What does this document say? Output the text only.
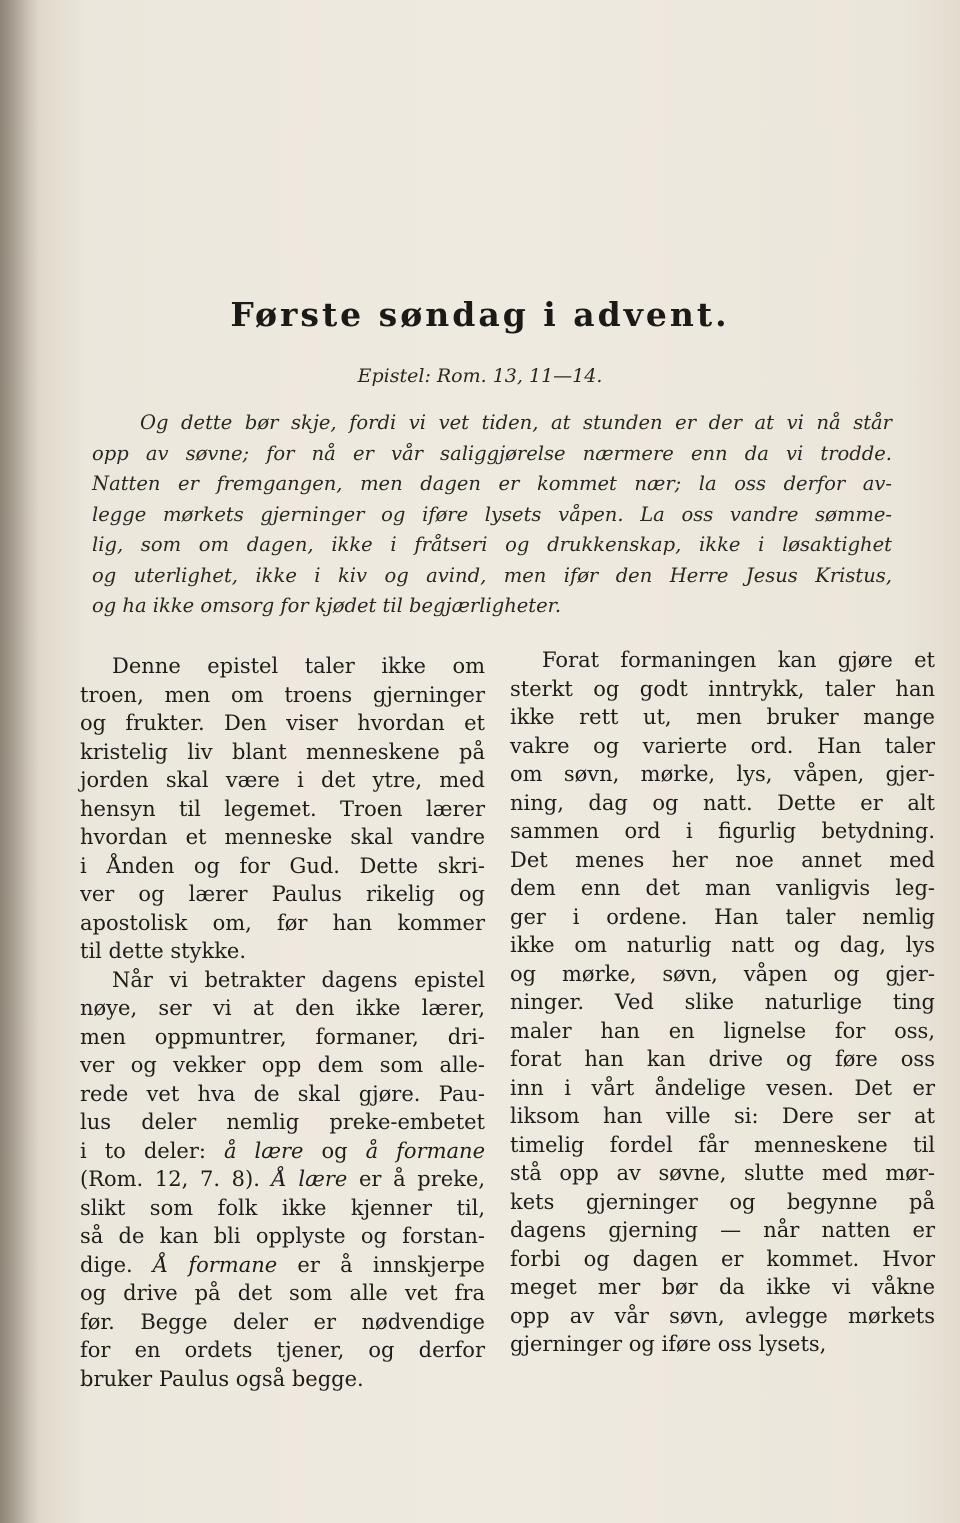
Første søndag i advent.
Epistel: Rom. 13, 11—14.
Og dette bør skje, fordi vi vet tiden, at stunden er der at vi nå står
opp av søvne; for nå er vår saliggjørelse nærmere enn da vi trodde.
Natten er fremgangen, men dagen er kommet nær; la oss derfor av-
legge mørkets gjerninger og iføre lysets våpen. La oss vandre sømme-
lig, som om dagen, ikke i fråtseri og drukkenskap, ikke i løsaktighet
og uterlighet, ikke i kiv og avind, men ifør den Herre Jesus Kristus,
og ha ikke omsorg for kjødet til begjærligheter.
Denne epistel taler ikke om
troen, men om troens gjerninger
og frukter. Den viser hvordan et
kristelig liv blant menneskene på
jorden skal være i det ytre, med
hensyn til legemet. Troen lærer
hvordan et menneske skal vandre
i Ånden og for Gud. Dette skri-
ver og lærer Paulus rikelig og
apostolisk om, før han kommer
til dette stykke.
Når vi betrakter dagens epistel
nøye, ser vi at den ikke lærer,
men oppmuntrer, formaner, dri-
ver og vekker opp dem som alle-
rede vet hva de skal gjøre. Pau-
lus deler nemlig preke-embetet
i to deler: å lære og å formane
(Rom. 12, 7. 8). Å lære er å preke,
slikt som folk ikke kjenner til,
så de kan bli opplyste og forstan-
dige. Å formane er å innskjerpe
og drive på det som alle vet fra
før. Begge deler er nødvendige
for en ordets tjener, og derfor
bruker Paulus også begge.
Forat formaningen kan gjøre et
sterkt og godt inntrykk, taler han
ikke rett ut, men bruker mange
vakre og varierte ord. Han taler
om søvn, mørke, lys, våpen, gjer-
ning, dag og natt. Dette er alt
sammen ord i figurlig betydning.
Det menes her noe annet med
dem enn det man vanligvis leg-
ger i ordene. Han taler nemlig
ikke om naturlig natt og dag, lys
og mørke, søvn, våpen og gjer-
ninger. Ved slike naturlige ting
maler han en lignelse for oss,
forat han kan drive og føre oss
inn i vårt åndelige vesen. Det er
liksom han ville si: Dere ser at
timelig fordel får menneskene til
stå opp av søvne, slutte med mør-
kets gjerninger og begynne på
dagens gjerning — når natten er
forbi og dagen er kommet. Hvor
meget mer bør da ikke vi våkne
opp av vår søvn, avlegge mørkets
gjerninger og iføre oss lysets,
